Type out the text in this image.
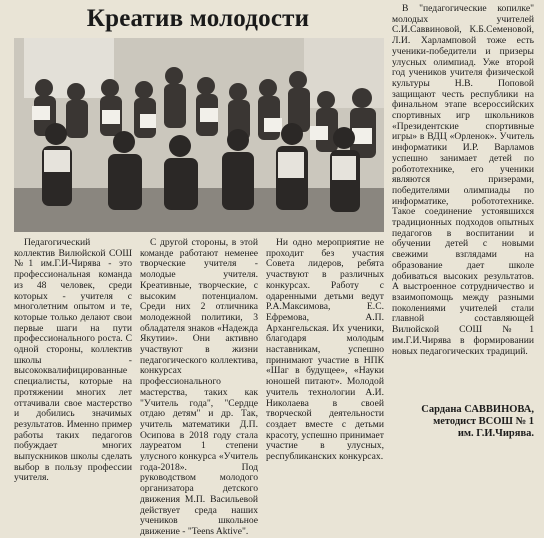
Креатив молодости

Педагогический коллектив Вилюйской СОШ №1 им.Г.И-Чирява - это профессиональная команда из 48 человек, среди которых - учителя с многолетним опытом и те, которые только делают свои первые шаги на пути профессионального роста. С одной стороны, коллектив школы - высококвалифицированные специалисты, которые на протяжении многих лет оттачивали свое мастерство и добились значимых результатов. Именно пример работы таких педагогов побуждает многих выпускников школы сделать выбор в пользу профессии учителя.

С другой стороны, в этой команде работают неменее творческие учителя - молодые учителя. Креативные, творческие, с высоким потенциалом. Среди них 2 отличника молодежной политики, 3 обладателя знаков «Надежда Якутии». Они активно участвуют в жизни педагогического коллектива, конкурсах профессионального мастерства, таких как "Учитель года", "Сердце отдаю детям" и др. Так, учитель математики Д.П. Осипова в 2018 году стала лауреатом 1 степени улусного конкурса «Учитель года-2018». Под руководством молодого организатора детского движения М.П. Васильевой действует среда наших учеников школьное движение - "Teens Aktive".

Ни одно мероприятие не проходит без участия Совета лидеров, ребята участвуют в различных конкурсах. Работу с одаренными детьми ведут Р.А.Максимова, Е.С. Ефремова, А.П. Архангельская. Их ученики, благодаря молодым наставникам, успешно принимают участие в НПК «Шаг в будущее», «Науки юношей питают». Молодой учитель технологии А.И. Николаева в своей творческой деятельности создает вместе с детьми красоту, успешно принимает участие в улусных, республиканских конкурсах.

В "педагогические копилке" молодых учителей С.И.Саввиновой, К.Б.Семеновой, Л.И. Харламповой тоже есть ученики-победители и призеры улусных олимпиад. Уже второй год учеников учителя физической культуры Н.В. Поповой защищают честь республики на финальном этапе всероссийских спортивных игр школьников «Президентские спортивные игры» в ВДЦ «Орленок». Учитель информатики И.Р. Варламов успешно занимает детей по робототехнике, его ученики являются призерами, победителями олимпиады по информатике, робототехнике. Такое соединение устоявшихся традиционных подходов опытных педагогов в воспитании и обучении детей с новыми свежими взглядами на образование дает школе добиваться высоких результатов. А выстроенное сотрудничество и взаимопомощь между разными поколениями учителей стали главной составляющей Вилюйской СОШ №1 им.Г.И.Чирява в формировании новых педагогических традиций.

Сардана САВВИНОВА,
методист ВСОШ № 1
им. Г.И.Чирява.
